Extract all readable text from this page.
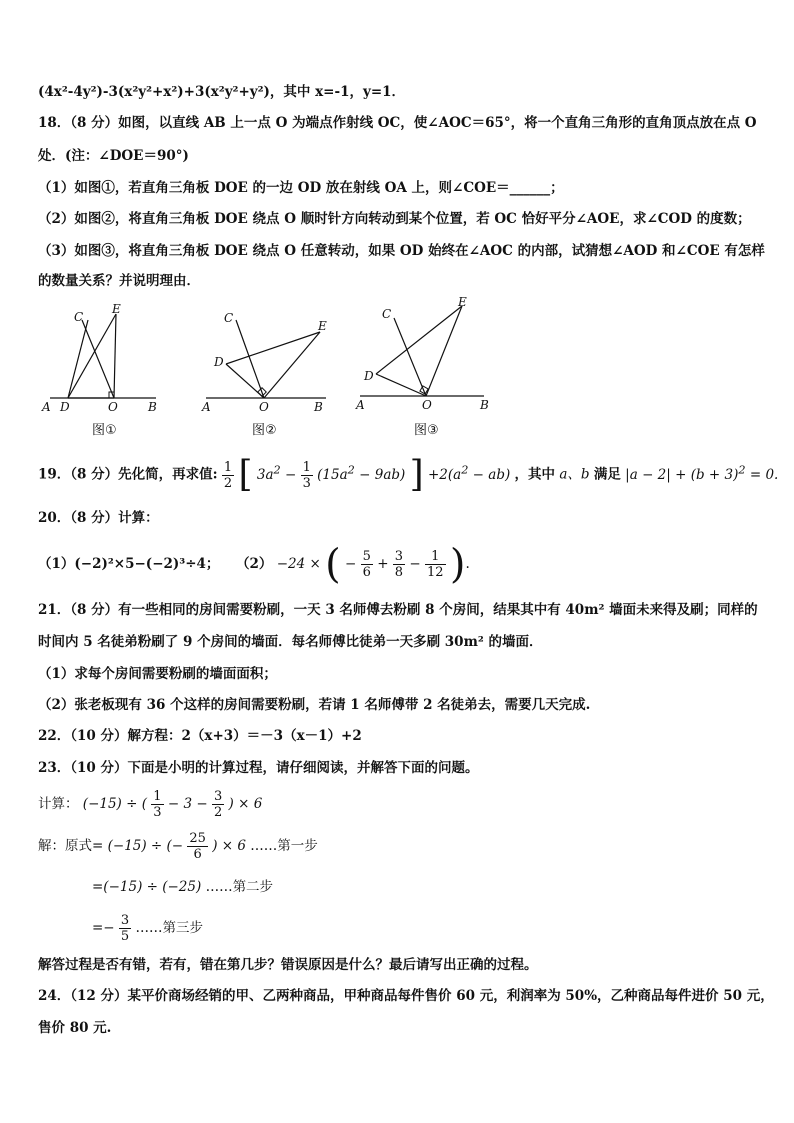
(4x²-4y²)-3(x²y²+x²)+3(x²y²+y²)，其中 x=-1，y=1．
18．（8 分）如图，以直线 AB 上一点 O 为端点作射线 OC，使∠AOC＝65°，将一个直角三角形的直角顶点放在点 O
处．(注：∠DOE＝90°)
（1）如图①，若直角三角板 DOE 的一边 OD 放在射线 OA 上，则∠COE＝______；
（2）如图②，将直角三角板 DOE 绕点 O 顺时针方向转动到某个位置，若 OC 恰好平分∠AOE，求∠COD 的度数；
（3）如图③，将直角三角板 DOE 绕点 O 任意转动，如果 OD 始终在∠AOC 的内部，试猜想∠AOD 和∠COE 有怎样
的数量关系？并说明理由．
A D	O	B
C
E
A	O	B
C
D
E
A	O	B
C
D
E
图①	图②	图③
19．（8 分）先化简，再求值: $\frac{1}{2}$ [ $3a^2 - \frac{1}{3} (15a^2 - 9ab)$ ] $+2(a^2 - ab)$ ，其中 a、b 满足 $|a - 2| + (b + 3)^2 = 0$.
20．（8 分）计算：
（1）(−2)²×5−(−2)³÷4； （2） −24 × ( − $\frac{5}{6} + \frac{3}{8} - \frac{1}{12}$ ).
21．（8 分）有一些相同的房间需要粉刷，一天 3 名师傅去粉刷 8 个房间，结果其中有 40m² 墙面未来得及刷；同样的
时间内 5 名徒弟粉刷了 9 个房间的墙面．每名师傅比徒弟一天多刷 30m² 的墙面．
（1）求每个房间需要粉刷的墙面面积；
（2）张老板现有 36 个这样的房间需要粉刷，若请 1 名师傅带 2 名徒弟去，需要几天完成.
22．（10 分）解方程：2（x+3）＝－3（x－1）+2
23．（10 分）下面是小明的计算过程，请仔细阅读，并解答下面的问题。
计算： (−15) ÷ ( $\frac{1}{3} - 3 - \frac{3}{2}$ ) × 6
解：原式= (−15) ÷ (− $\frac{25}{6}$ ) × 6 ……第一步
=(−15) ÷ (−25) ……第二步
=− $\frac{3}{5}$ ……第三步
解答过程是否有错，若有，错在第几步？错误原因是什么？最后请写出正确的过程。
24．（12 分）某平价商场经销的甲、乙两种商品，甲种商品每件售价 60 元，利润率为 50%，乙种商品每件进价 50 元，
售价 80 元.
